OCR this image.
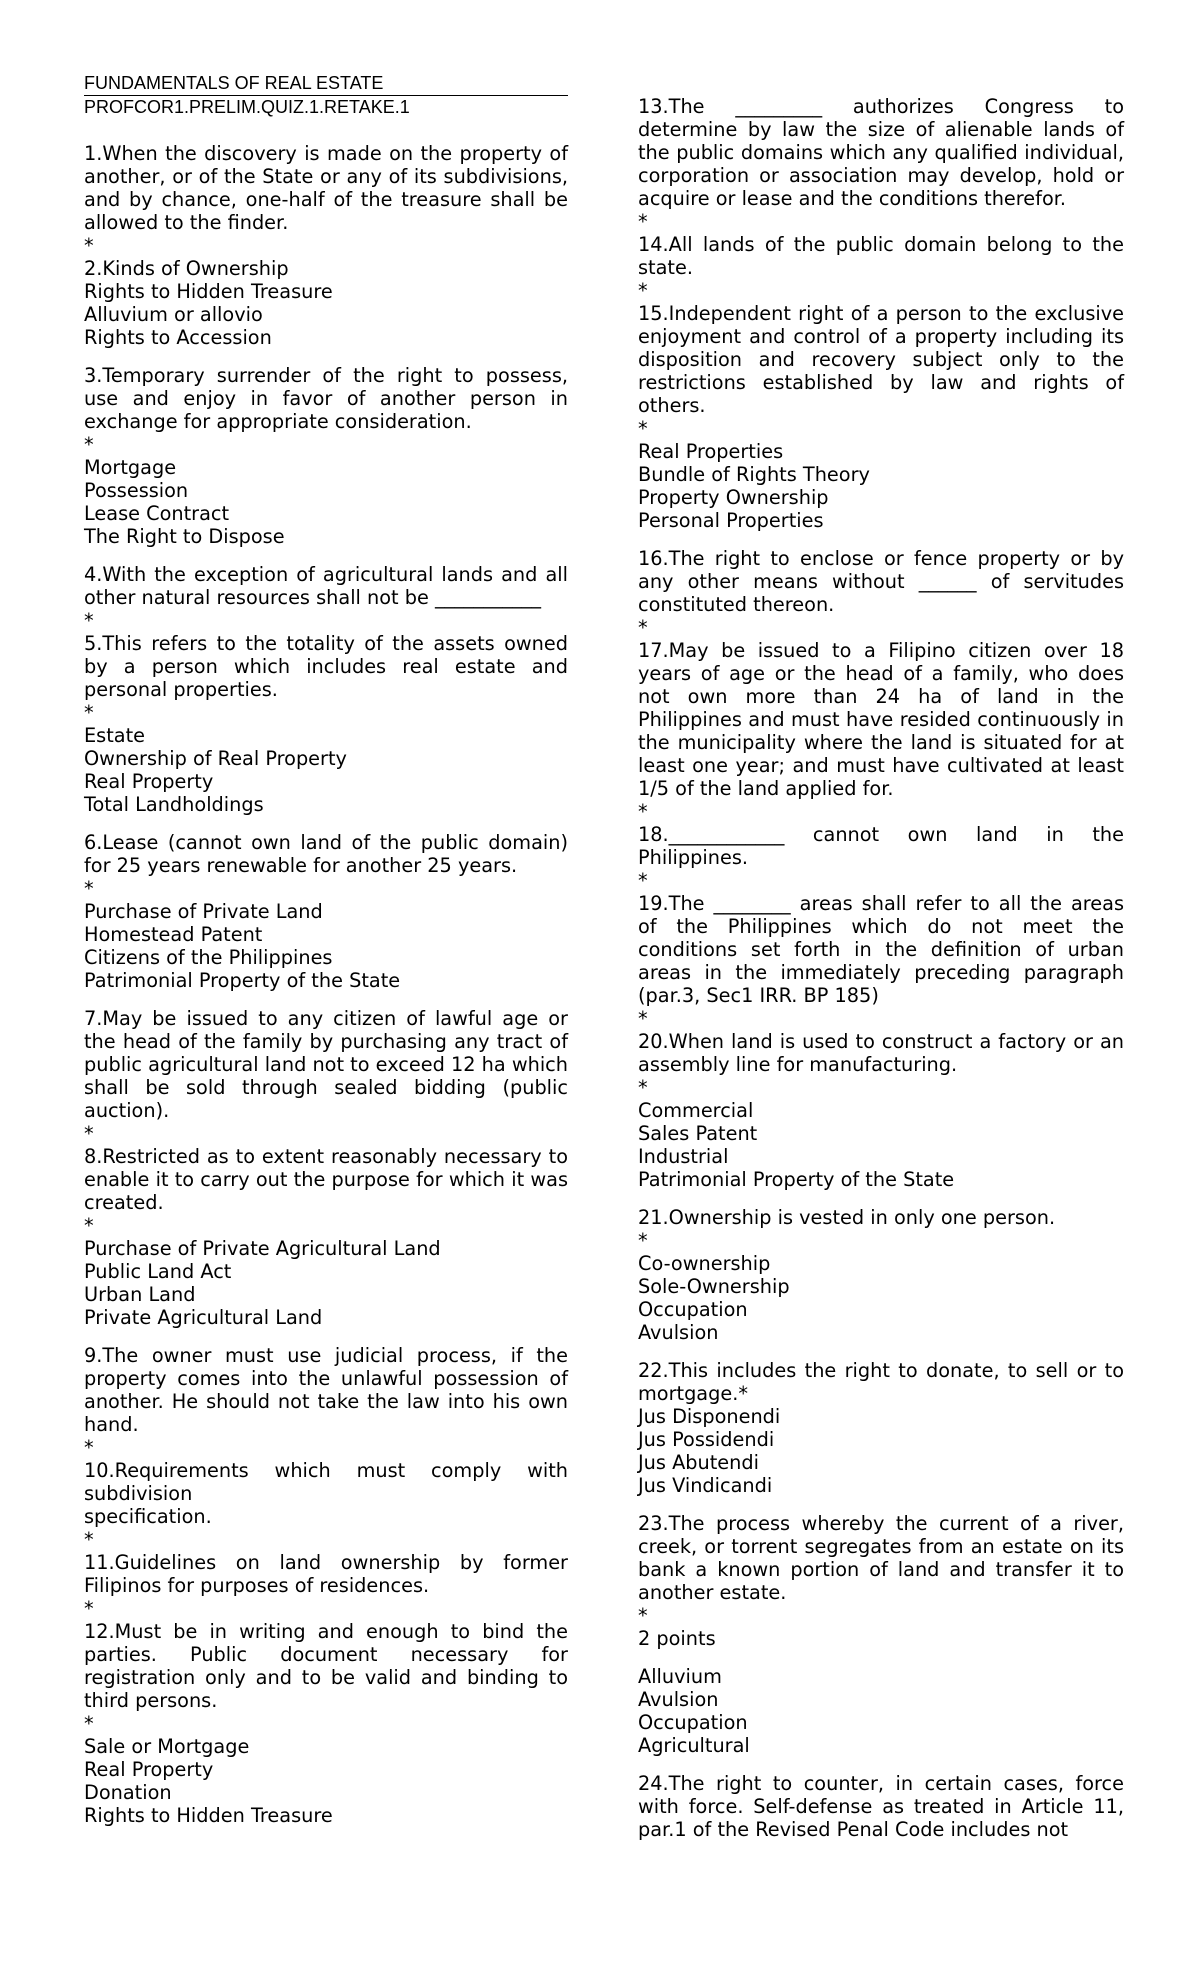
FUNDAMENTALS OF REAL ESTATE
PROFCOR1.PRELIM.QUIZ.1.RETAKE.1

1.When the discovery is made on the property of another, or of the State or any of its subdivisions, and by chance, one-half of the treasure shall be allowed to the finder.
*

2.Kinds of Ownership

Rights to Hidden Treasure
Alluvium or allovio
Rights to Accession

3.Temporary surrender of the right to possess, use and enjoy in favor of another person in exchange for appropriate consideration.
*

Mortgage
Possession
Lease Contract
The Right to Dispose

4.With the exception of agricultural lands and all other natural resources shall not be ___________
*

5.This refers to the totality of the assets owned by a person which includes real estate and personal properties.
*

Estate
Ownership of Real Property
Real Property
Total Landholdings

6.Lease (cannot own land of the public domain) for 25 years renewable for another 25 years.
*

Purchase of Private Land
Homestead Patent
Citizens of the Philippines
Patrimonial Property of the State

7.May be issued to any citizen of lawful age or the head of the family by purchasing any tract of public agricultural land not to exceed 12 ha which shall be sold through sealed bidding (public auction).
*

8.Restricted as to extent reasonably necessary to enable it to carry out the purpose for which it was created.
*

Purchase of Private Agricultural Land
Public Land Act
Urban Land
Private Agricultural Land

9.The owner must use judicial process, if the property comes into the unlawful possession of another. He should not take the law into his own hand.
*

10.Requirements which must comply with subdivision
specification.
*

11.Guidelines on land ownership by former Filipinos for purposes of residences.
*

12.Must be in writing and enough to bind the parties. Public document necessary for registration only and to be valid and binding to third persons.
*

Sale or Mortgage
Real Property
Donation
Rights to Hidden Treasure

13.The _________ authorizes Congress to determine by law the size of alienable lands of the public domains which any qualified individual, corporation or association may develop, hold or acquire or lease and the conditions therefor.
*

14.All lands of the public domain belong to the state.
*

15.Independent right of a person to the exclusive enjoyment and control of a property including its disposition and recovery subject only to the restrictions established by law and rights of others.
*

Real Properties
Bundle of Rights Theory
Property Ownership
Personal Properties

16.The right to enclose or fence property or by any other means without ______ of servitudes constituted thereon.
*

17.May be issued to a Filipino citizen over 18 years of age or the head of a family, who does not own more than 24 ha of land in the Philippines and must have resided continuously in the municipality where the land is situated for at least one year; and must have cultivated at least 1/5 of the land applied for.
*

18.____________ cannot own land in the Philippines.
*

19.The ________ areas shall refer to all the areas of the Philippines which do not meet the conditions set forth in the definition of urban areas in the immediately preceding paragraph (par.3, Sec1 IRR. BP 185)
*

20.When land is used to construct a factory or an assembly line for manufacturing.
*

Commercial
Sales Patent
Industrial
Patrimonial Property of the State

21.Ownership is vested in only one person.
*

Co-ownership
Sole-Ownership
Occupation
Avulsion

22.This includes the right to donate, to sell or to mortgage.*

Jus Disponendi
Jus Possidendi
Jus Abutendi
Jus Vindicandi

23.The process whereby the current of a river, creek, or torrent segregates from an estate on its bank a known portion of land and transfer it to another estate.
*

2 points
Alluvium
Avulsion
Occupation
Agricultural

24.The right to counter, in certain cases, force with force. Self-defense as treated in Article 11, par.1 of the Revised Penal Code includes not
